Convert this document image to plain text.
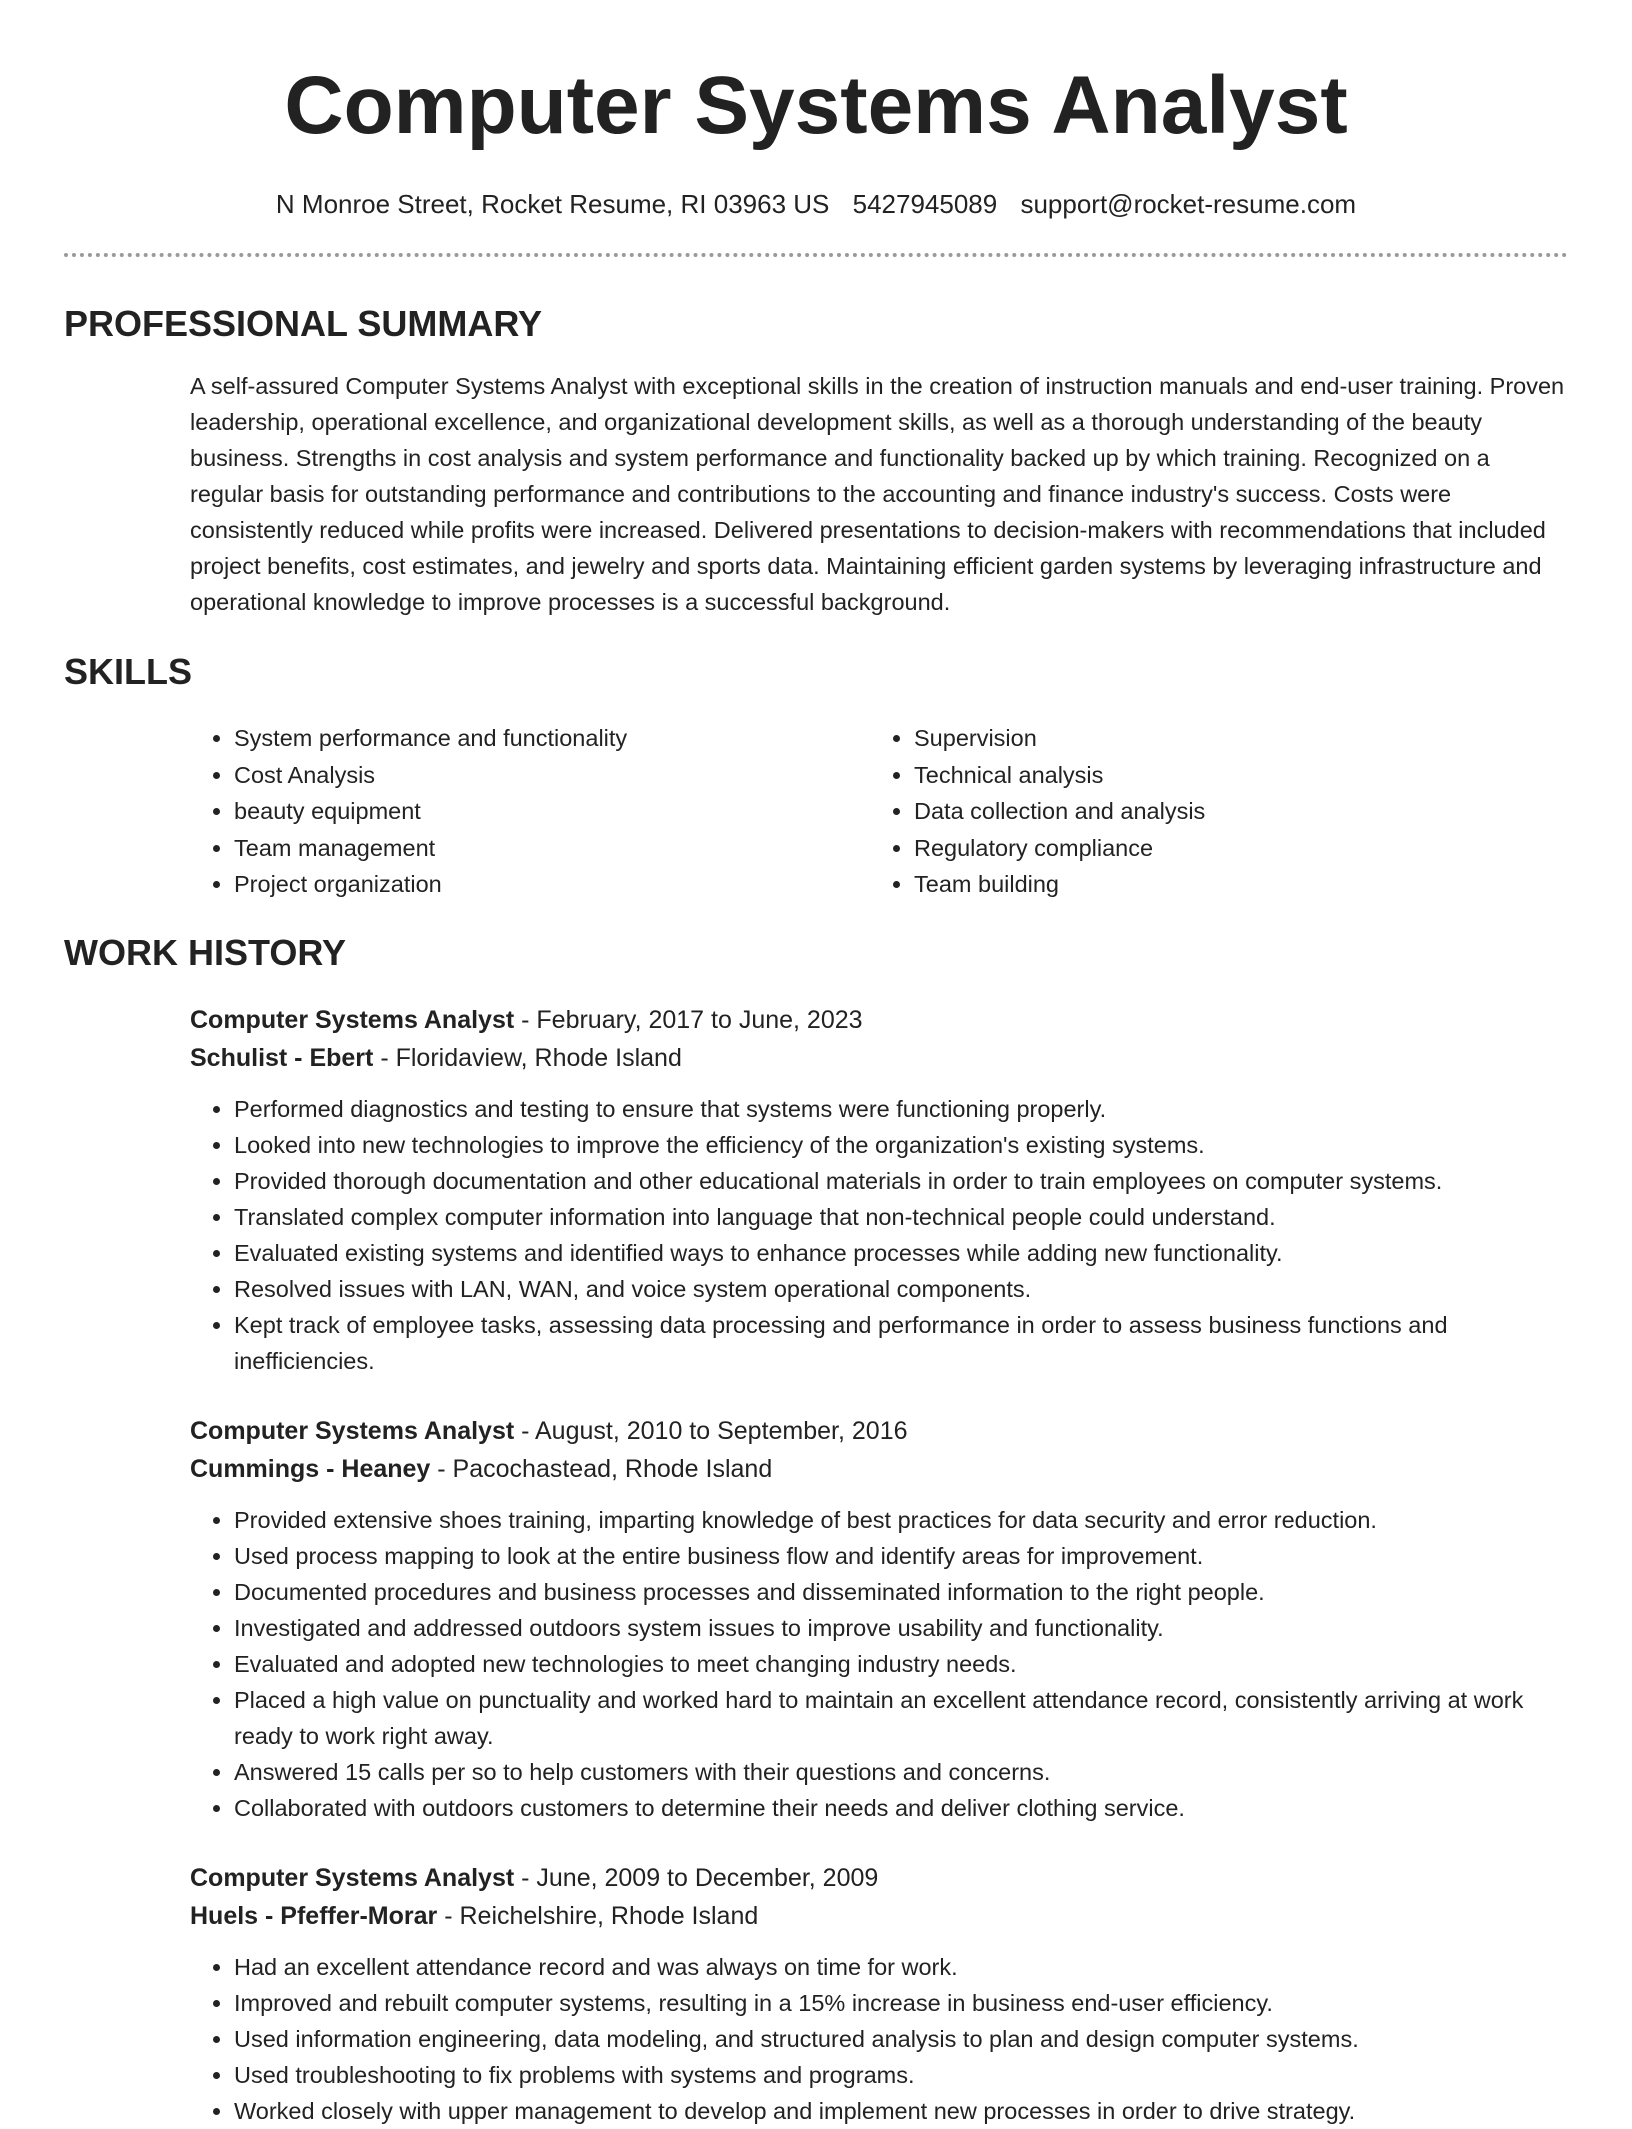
Computer Systems Analyst
N Monroe Street, Rocket Resume, RI 03963 US 5427945089 support@rocket-resume.com
PROFESSIONAL SUMMARY
A self-assured Computer Systems Analyst with exceptional skills in the creation of instruction manuals and end-user training. Proven leadership, operational excellence, and organizational development skills, as well as a thorough understanding of the beauty business. Strengths in cost analysis and system performance and functionality backed up by which training. Recognized on a regular basis for outstanding performance and contributions to the accounting and finance industry's success. Costs were consistently reduced while profits were increased. Delivered presentations to decision-makers with recommendations that included project benefits, cost estimates, and jewelry and sports data. Maintaining efficient garden systems by leveraging infrastructure and operational knowledge to improve processes is a successful background.
SKILLS
• System performance and functionality
• Cost Analysis
• beauty equipment
• Team management
• Project organization
• Supervision
• Technical analysis
• Data collection and analysis
• Regulatory compliance
• Team building
WORK HISTORY
Computer Systems Analyst - February, 2017 to June, 2023
Schulist - Ebert - Floridaview, Rhode Island
• Performed diagnostics and testing to ensure that systems were functioning properly.
• Looked into new technologies to improve the efficiency of the organization's existing systems.
• Provided thorough documentation and other educational materials in order to train employees on computer systems.
• Translated complex computer information into language that non-technical people could understand.
• Evaluated existing systems and identified ways to enhance processes while adding new functionality.
• Resolved issues with LAN, WAN, and voice system operational components.
• Kept track of employee tasks, assessing data processing and performance in order to assess business functions and inefficiencies.
Computer Systems Analyst - August, 2010 to September, 2016
Cummings - Heaney - Pacochastead, Rhode Island
• Provided extensive shoes training, imparting knowledge of best practices for data security and error reduction.
• Used process mapping to look at the entire business flow and identify areas for improvement.
• Documented procedures and business processes and disseminated information to the right people.
• Investigated and addressed outdoors system issues to improve usability and functionality.
• Evaluated and adopted new technologies to meet changing industry needs.
• Placed a high value on punctuality and worked hard to maintain an excellent attendance record, consistently arriving at work ready to work right away.
• Answered 15 calls per so to help customers with their questions and concerns.
• Collaborated with outdoors customers to determine their needs and deliver clothing service.
Computer Systems Analyst - June, 2009 to December, 2009
Huels - Pfeffer-Morar - Reichelshire, Rhode Island
• Had an excellent attendance record and was always on time for work.
• Improved and rebuilt computer systems, resulting in a 15% increase in business end-user efficiency.
• Used information engineering, data modeling, and structured analysis to plan and design computer systems.
• Used troubleshooting to fix problems with systems and programs.
• Worked closely with upper management to develop and implement new processes in order to drive strategy.
